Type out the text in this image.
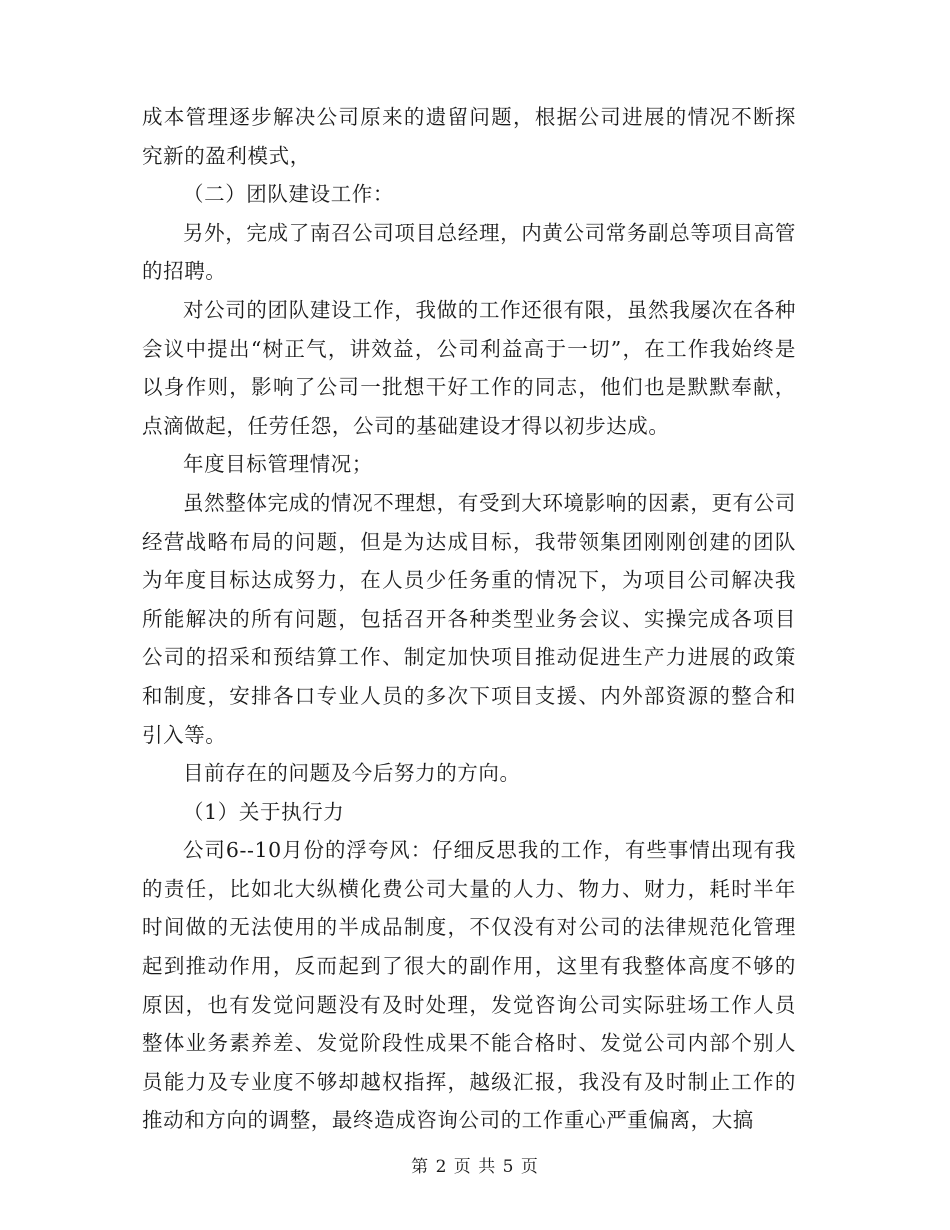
成本管理逐步解决公司原来的遗留问题，根据公司进展的情况不断探究新的盈利模式，

（二）团队建设工作：

另外，完成了南召公司项目总经理，内黄公司常务副总等项目高管的招聘。

对公司的团队建设工作，我做的工作还很有限，虽然我屡次在各种会议中提出“树正气，讲效益，公司利益高于一切”，在工作我始终是以身作则，影响了公司一批想干好工作的同志，他们也是默默奉献，点滴做起，任劳任怨，公司的基础建设才得以初步达成。

年度目标管理情况；

虽然整体完成的情况不理想，有受到大环境影响的因素，更有公司经营战略布局的问题，但是为达成目标，我带领集团刚刚创建的团队为年度目标达成努力，在人员少任务重的情况下，为项目公司解决我所能解决的所有问题，包括召开各种类型业务会议、实操完成各项目公司的招采和预结算工作、制定加快项目推动促进生产力进展的政策和制度，安排各口专业人员的多次下项目支援、内外部资源的整合和引入等。

目前存在的问题及今后努力的方向。

（1）关于执行力

公司6--10月份的浮夸风：仔细反思我的工作，有些事情出现有我的责任，比如北大纵横化费公司大量的人力、物力、财力，耗时半年时间做的无法使用的半成品制度，不仅没有对公司的法律规范化管理起到推动作用，反而起到了很大的副作用，这里有我整体高度不够的原因，也有发觉问题没有及时处理，发觉咨询公司实际驻场工作人员整体业务素养差、发觉阶段性成果不能合格时、发觉公司内部个别人员能力及专业度不够却越权指挥，越级汇报，我没有及时制止工作的推动和方向的调整，最终造成咨询公司的工作重心严重偏离，大搞

第 2 页 共 5 页
